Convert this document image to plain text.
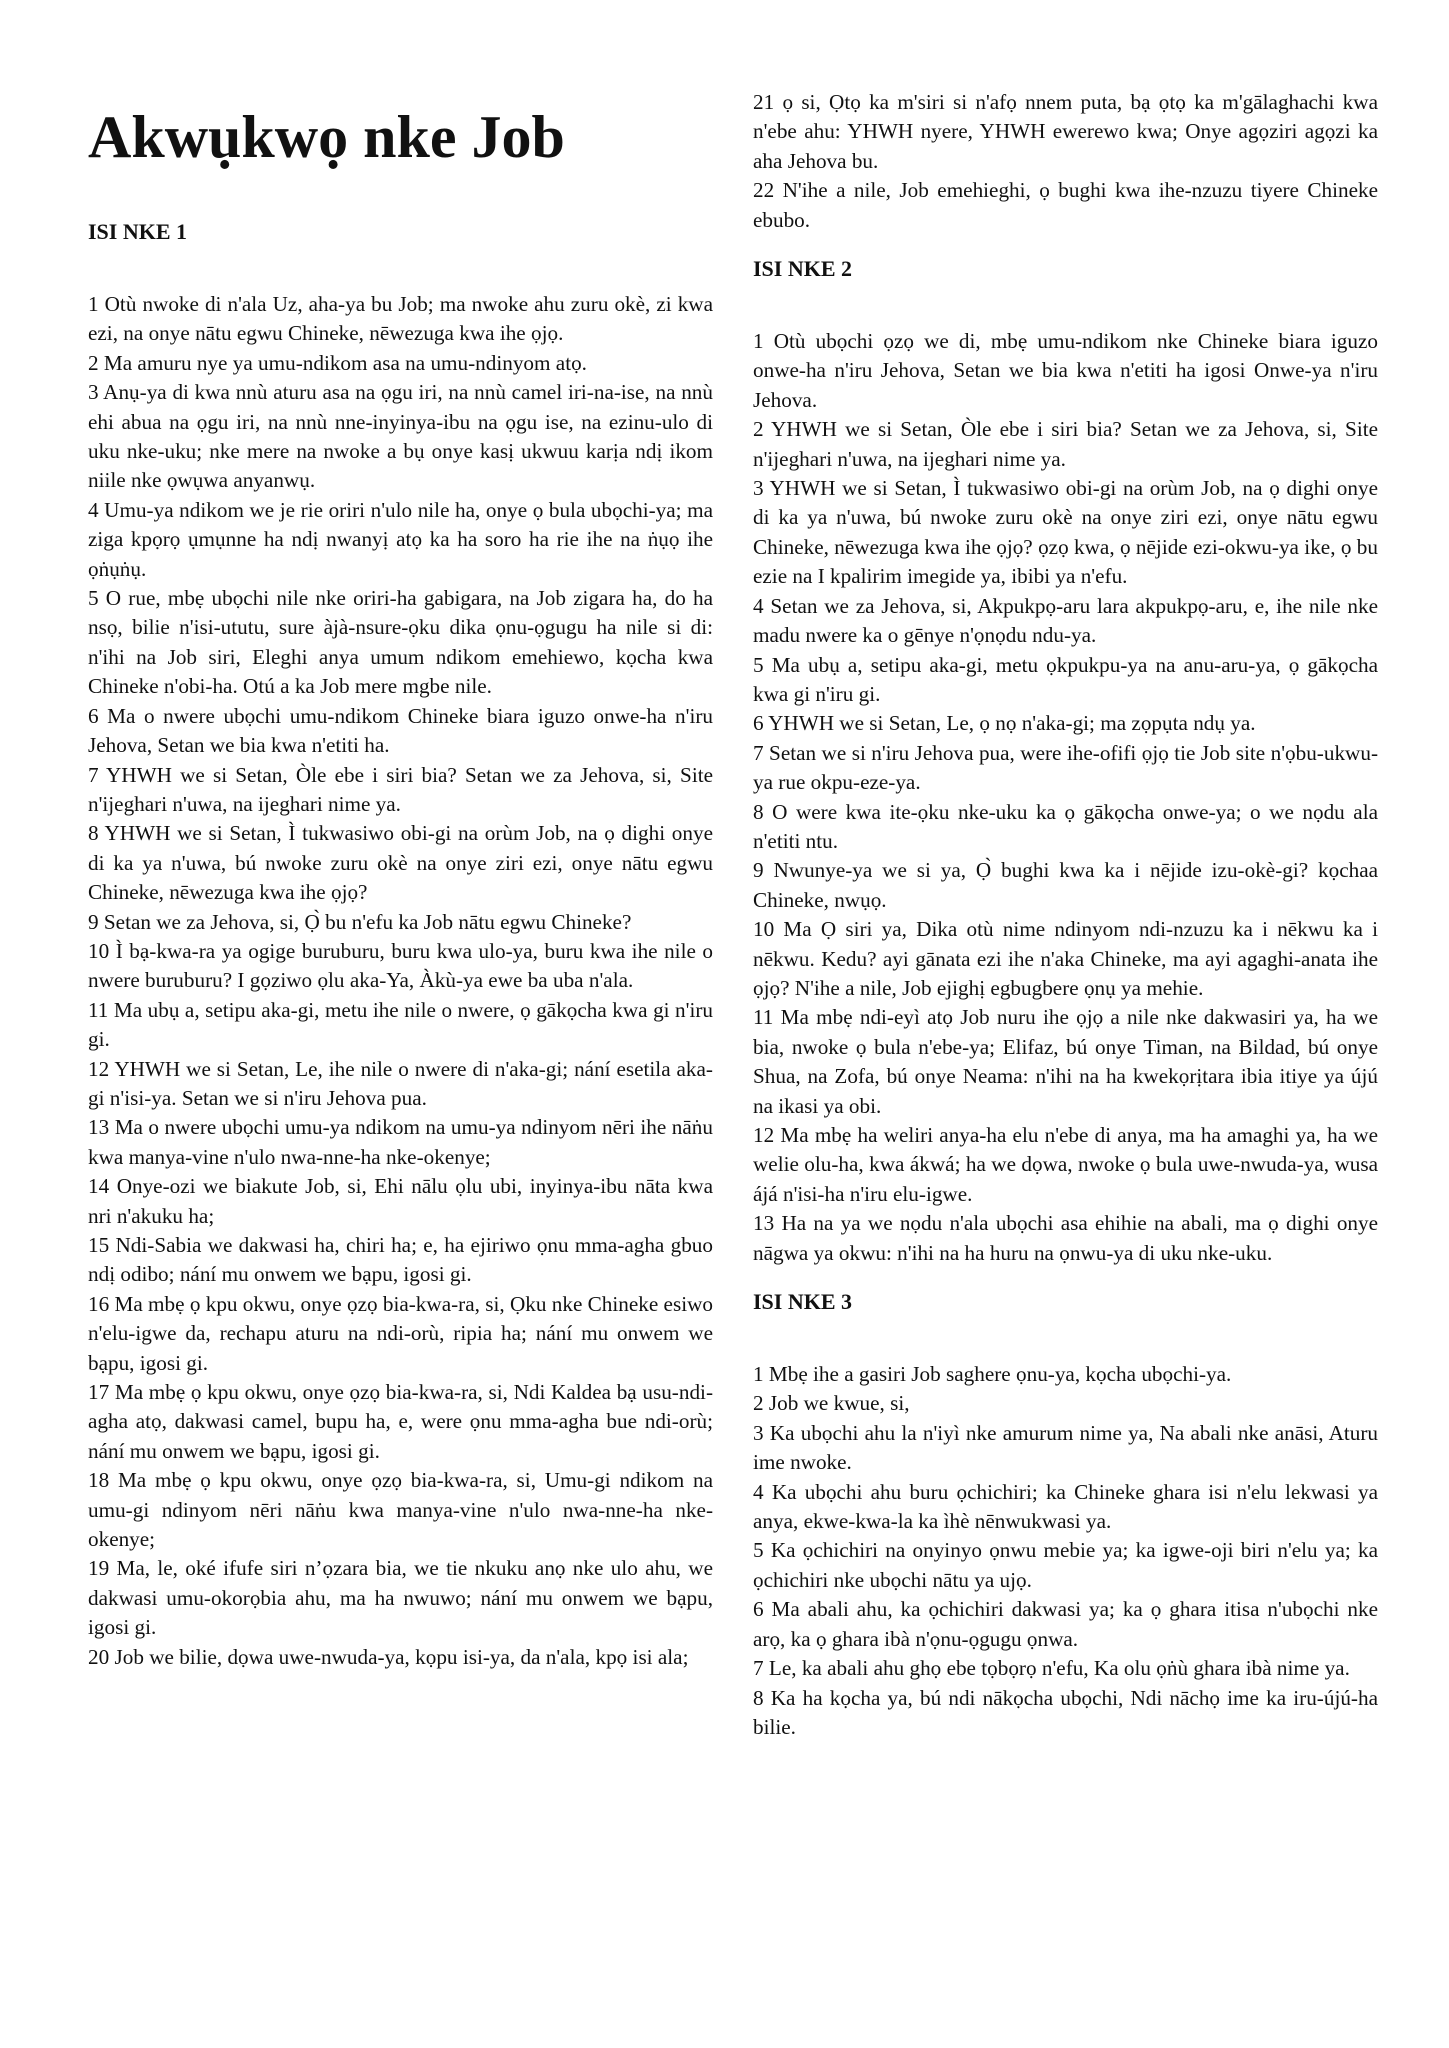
Akwụkwọ nke Job
ISI NKE 1

1 Otù nwoke di n'ala Uz, aha-ya bu Job; ma nwoke ahu zuru okè, zi kwa ezi, na onye nātu egwu Chineke, nēwezuga kwa ihe ọjọ.

2 Ma amuru nye ya umu-ndikom asa na umu-ndinyom atọ.

3 Anụ-ya di kwa nnù aturu asa na ọgu iri, na nnù camel iri-na-ise, na nnù ehi abua na ọgu iri, na nnù nne-inyinya-ibu na ọgu ise, na ezinu-ulo di uku nke-uku; nke mere na nwoke a bụ onye kasị ukwuu karịa ndị ikom niile nke ọwụwa anyanwụ.

4 Umu-ya ndikom we je rie oriri n'ulo nile ha, onye ọ bula ubọchi-ya; ma ziga kpọrọ ụmụnne ha ndị nwanyị atọ ka ha soro ha rie ihe na ṅụọ ihe ọṅụṅụ.

5 O rue, mbẹ ubọchi nile nke oriri-ha gabigara, na Job zigara ha, do ha nsọ, bilie n'isi-ututu, sure àjà-nsure-ọku dika ọnu-ọgugu ha nile si di: n'ihi na Job siri, Eleghi anya umum ndikom emehiewo, kọcha kwa Chineke n'obi-ha. Otú a ka Job mere mgbe nile.

6 Ma o nwere ubọchi umu-ndikom Chineke biara iguzo onwe-ha n'iru Jehova, Setan we bia kwa n'etiti ha.

7 YHWH we si Setan, Òle ebe i siri bia? Setan we za Jehova, si, Site n'ijeghari n'uwa, na ijeghari nime ya.

8 YHWH we si Setan, Ì tukwasiwo obi-gi na orùm Job, na ọ dighi onye di ka ya n'uwa, bú nwoke zuru okè na onye ziri ezi, onye nātu egwu Chineke, nēwezuga kwa ihe ọjọ?

9 Setan we za Jehova, si, Ọ̀ bu n'efu ka Job nātu egwu Chineke?

10 Ì bạ-kwa-ra ya ogige buruburu, buru kwa ulo-ya, buru kwa ihe nile o nwere buruburu? I gọziwo ọlu aka-Ya, Àkù-ya ewe ba uba n'ala.

11 Ma ubụ a, setipu aka-gi, metu ihe nile o nwere, ọ gākọcha kwa gi n'iru gi.

12 YHWH we si Setan, Le, ihe nile o nwere di n'aka-gi; nání esetila aka-gi n'isi-ya. Setan we si n'iru Jehova pua.

13 Ma o nwere ubọchi umu-ya ndikom na umu-ya ndinyom nēri ihe nāṅu kwa manya-vine n'ulo nwa-nne-ha nke-okenye;

14 Onye-ozi we biakute Job, si, Ehi nālu ọlu ubi, inyinya-ibu nāta kwa nri n'akuku ha;

15 Ndi-Sabia we dakwasi ha, chiri ha; e, ha ejiriwo ọnu mma-agha gbuo ndị odibo; nání mu onwem we bạpu, igosi gi.

16 Ma mbẹ ọ kpu okwu, onye ọzọ bia-kwa-ra, si, Ọku nke Chineke esiwo n'elu-igwe da, rechapu aturu na ndi-orù, ripia ha; nání mu onwem we bạpu, igosi gi.

17 Ma mbẹ ọ kpu okwu, onye ọzọ bia-kwa-ra, si, Ndi Kaldea bạ usu-ndi-agha atọ, dakwasi camel, bupu ha, e, were ọnu mma-agha bue ndi-orù; nání mu onwem we bạpu, igosi gi.

18 Ma mbẹ ọ kpu okwu, onye ọzọ bia-kwa-ra, si, Umu-gi ndikom na umu-gi ndinyom nēri nāṅu kwa manya-vine n'ulo nwa-nne-ha nke-okenye;

19 Ma, le, oké ifufe siri n’ọzara bia, we tie nkuku anọ nke ulo ahu, we dakwasi umu-okorọbia ahu, ma ha nwuwo; nání mu onwem we bạpu, igosi gi.

20 Job we bilie, dọwa uwe-nwuda-ya, kọpu isi-ya, da n'ala, kpọ isi ala;

21 ọ si, Ọtọ ka m'siri si n'afọ nnem puta, bạ ọtọ ka m'gālaghachi kwa n'ebe ahu: YHWH nyere, YHWH ewerewo kwa; Onye agọziri agọzi ka aha Jehova bu.

22 N'ihe a nile, Job emehieghi, ọ bughi kwa ihe-nzuzu tiyere Chineke ebubo.

ISI NKE 2

1 Otù ubọchi ọzọ we di, mbẹ umu-ndikom nke Chineke biara iguzo onwe-ha n'iru Jehova, Setan we bia kwa n'etiti ha igosi Onwe-ya n'iru Jehova.

2 YHWH we si Setan, Òle ebe i siri bia? Setan we za Jehova, si, Site n'ijeghari n'uwa, na ijeghari nime ya.

3 YHWH we si Setan, Ì tukwasiwo obi-gi na orùm Job, na ọ dighi onye di ka ya n'uwa, bú nwoke zuru okè na onye ziri ezi, onye nātu egwu Chineke, nēwezuga kwa ihe ọjọ? ọzọ kwa, ọ nējide ezi-okwu-ya ike, ọ bu ezie na I kpalirim imegide ya, ibibi ya n'efu.

4 Setan we za Jehova, si, Akpukpọ-aru lara akpukpọ-aru, e, ihe nile nke madu nwere ka o gēnye n'ọnọdu ndu-ya.

5 Ma ubụ a, setipu aka-gi, metu ọkpukpu-ya na anu-aru-ya, ọ gākọcha kwa gi n'iru gi.

6 YHWH we si Setan, Le, ọ nọ n'aka-gi; ma zọpụta ndụ ya.

7 Setan we si n'iru Jehova pua, were ihe-ofifi ọjọ tie Job site n'ọbu-ukwu-ya rue okpu-eze-ya.

8 O were kwa ite-ọku nke-uku ka ọ gākọcha onwe-ya; o we nọdu ala n'etiti ntu.

9 Nwunye-ya we si ya, Ọ̀ bughi kwa ka i nējide izu-okè-gi? kọchaa Chineke, nwụọ.

10 Ma Ọ siri ya, Dika otù nime ndinyom ndi-nzuzu ka i nēkwu ka i nēkwu. Kedu? ayi gānata ezi ihe n'aka Chineke, ma ayi agaghi-anata ihe ọjọ? N'ihe a nile, Job ejighị egbugbere ọnụ ya mehie.

11 Ma mbẹ ndi-eyì atọ Job nuru ihe ọjọ a nile nke dakwasiri ya, ha we bia, nwoke ọ bula n'ebe-ya; Elifaz, bú onye Timan, na Bildad, bú onye Shua, na Zofa, bú onye Neama: n'ihi na ha kwekọrịtara ibia itiye ya újú na ikasi ya obi.

12 Ma mbẹ ha weliri anya-ha elu n'ebe di anya, ma ha amaghi ya, ha we welie olu-ha, kwa ákwá; ha we dọwa, nwoke ọ bula uwe-nwuda-ya, wusa ájá n'isi-ha n'iru elu-igwe.

13 Ha na ya we nọdu n'ala ubọchi asa ehihie na abali, ma ọ dighi onye nāgwa ya okwu: n'ihi na ha huru na ọnwu-ya di uku nke-uku.

ISI NKE 3

1 Mbẹ ihe a gasiri Job saghere ọnu-ya, kọcha ubọchi-ya.

2 Job we kwue, si,

3 Ka ubọchi ahu la n'iyì nke amurum nime ya, Na abali nke anāsi, Aturu ime nwoke.

4 Ka ubọchi ahu buru ọchichiri; ka Chineke ghara isi n'elu lekwasi ya anya, ekwe-kwa-la ka ìhè nēnwukwasi ya.

5 Ka ọchichiri na onyinyo ọnwu mebie ya; ka igwe-oji biri n'elu ya; ka ọchichiri nke ubọchi nātu ya ujọ.

6 Ma abali ahu, ka ọchichiri dakwasi ya; ka ọ ghara itisa n'ubọchi nke arọ, ka ọ ghara ibà n'ọnu-ọgugu ọnwa.

7 Le, ka abali ahu ghọ ebe tọbọrọ n'efu, Ka olu ọṅù ghara ibà nime ya.

8 Ka ha kọcha ya, bú ndi nākọcha ubọchi, Ndi nāchọ ime ka iru-újú-ha bilie.
